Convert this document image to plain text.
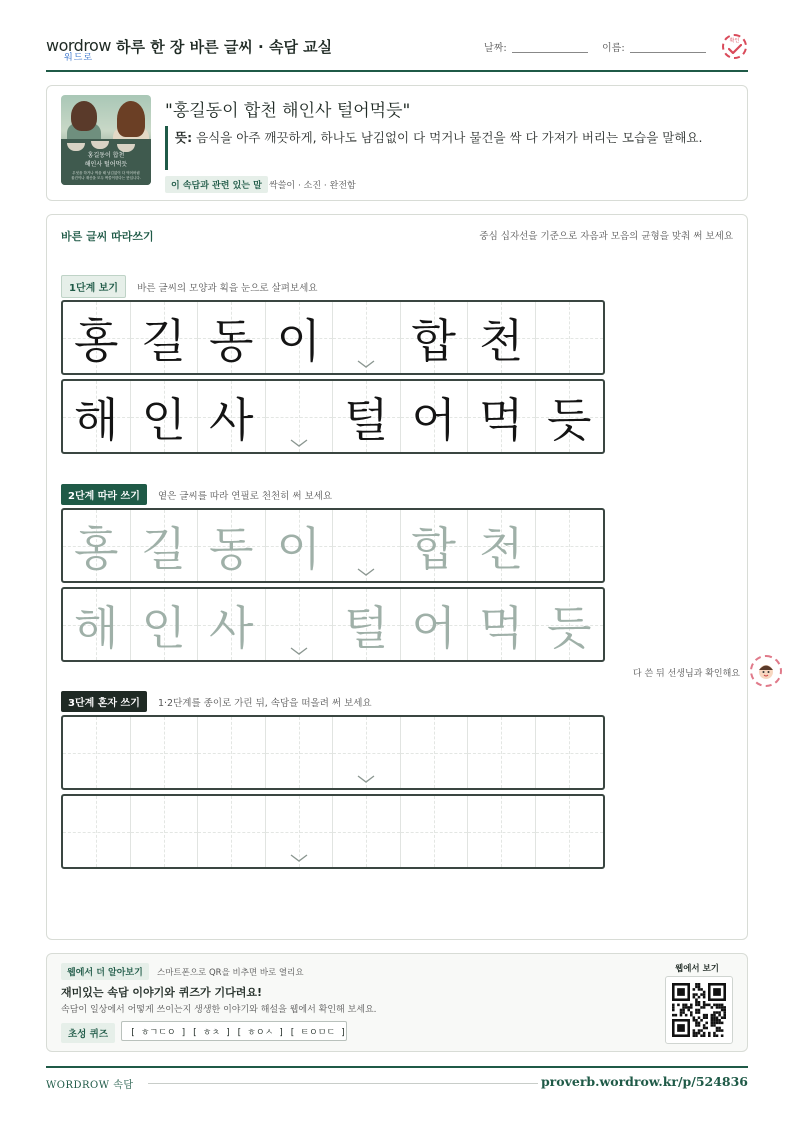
wordrow
워드로
하루 한 장 바른 글씨 · 속담 교실	날짜:	이름:
확인
홍길동이 합천
해인사 털어먹듯
무엇을 하거나 먹을 때 남김없이 다 먹어버림
물건이나 재산을 모두 싹쓸이한다는 뜻입니다.
"홍길동이 합천 해인사 털어먹듯"
뜻: 음식을 아주 깨끗하게, 하나도 남김없이 다 먹거나 물건을 싹 다 가져가 버리는 모습을 말해요.
이 속담과 관련 있는 말 싹쓸이 · 소진 · 완전함
바른 글씨 따라쓰기	중심 십자선을 기준으로 자음과 모음의 균형을 맞춰 써 보세요
1단계 보기 바른 글씨의 모양과 획을 눈으로 살펴보세요
홍 길 동 이 합 천
해 인 사 털 어 먹 듯
2단계 따라 쓰기 옅은 글씨를 따라 연필로 천천히 써 보세요
홍 길 동 이 합 천
해 인 사 털 어 먹 듯
3단계 혼자 쓰기 1·2단계를 종이로 가린 뒤, 속담을 떠올려 써 보세요
다 쓴 뒤 선생님과 확인해요
웹에서 더 알아보기	스마트폰으로 QR을 비추면 바로 열리요
재미있는 속담 이야기와 퀴즈가 기다려요!
속담이 일상에서 어떻게 쓰이는지 생생한 이야기와 해설을 웹에서 확인해 보세요.
초성 퀴즈	[ ㅎㄱㄷㅇ ] [ ㅎㅊ ] [ ㅎㅇㅅ ] [ ㅌㅇㅁㄷ ]
웹에서 보기
WORDROW 속담	proverb.wordrow.kr/p/524836
